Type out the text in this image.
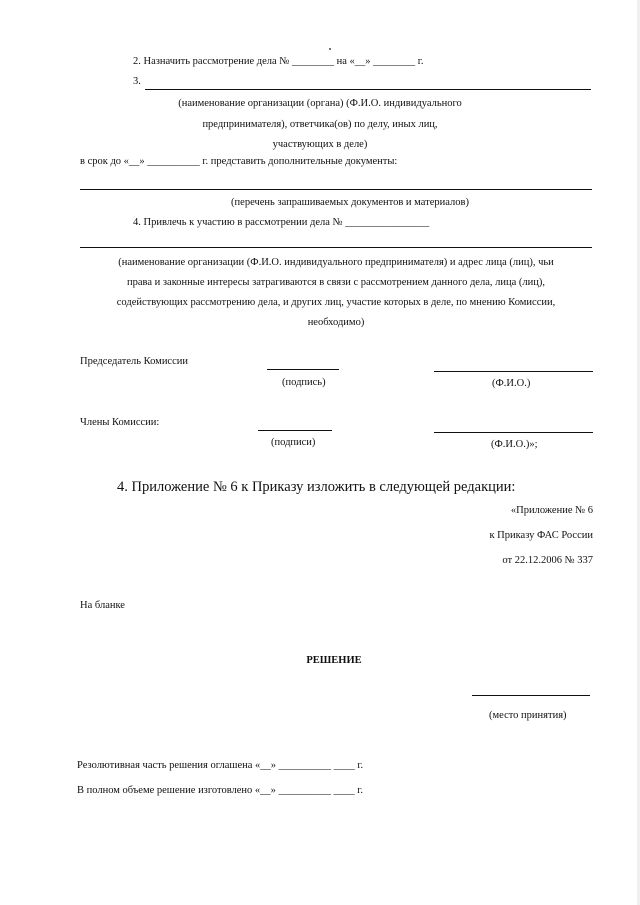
2. Назначить рассмотрение дела № ________ на «__» ________ г.
3.
(наименование организации (органа) (Ф.И.О. индивидуального
предпринимателя), ответчика(ов) по делу, иных лиц,
участвующих в деле)
в срок до «__» __________ г. представить дополнительные документы:
(перечень запрашиваемых документов и материалов)
4. Привлечь к участию в рассмотрении дела № ________________
(наименование организации (Ф.И.О. индивидуального предпринимателя) и адрес лица (лиц), чьи
права и законные интересы затрагиваются в связи с рассмотрением данного дела, лица (лиц),
содействующих рассмотрению дела, и других лиц, участие которых в деле, по мнению Комиссии,
необходимо)
Председатель Комиссии
(подпись)	(Ф.И.О.)
Члены Комиссии:
(подписи)	(Ф.И.О.)»;
4. Приложение № 6 к Приказу изложить в следующей редакции:
«Приложение № 6
к Приказу ФАС России
от 22.12.2006 № 337
На бланке
РЕШЕНИЕ
(место принятия)
Резолютивная часть решения оглашена «__» __________ ____ г.
В полном объеме решение изготовлено «__» __________ ____ г.
